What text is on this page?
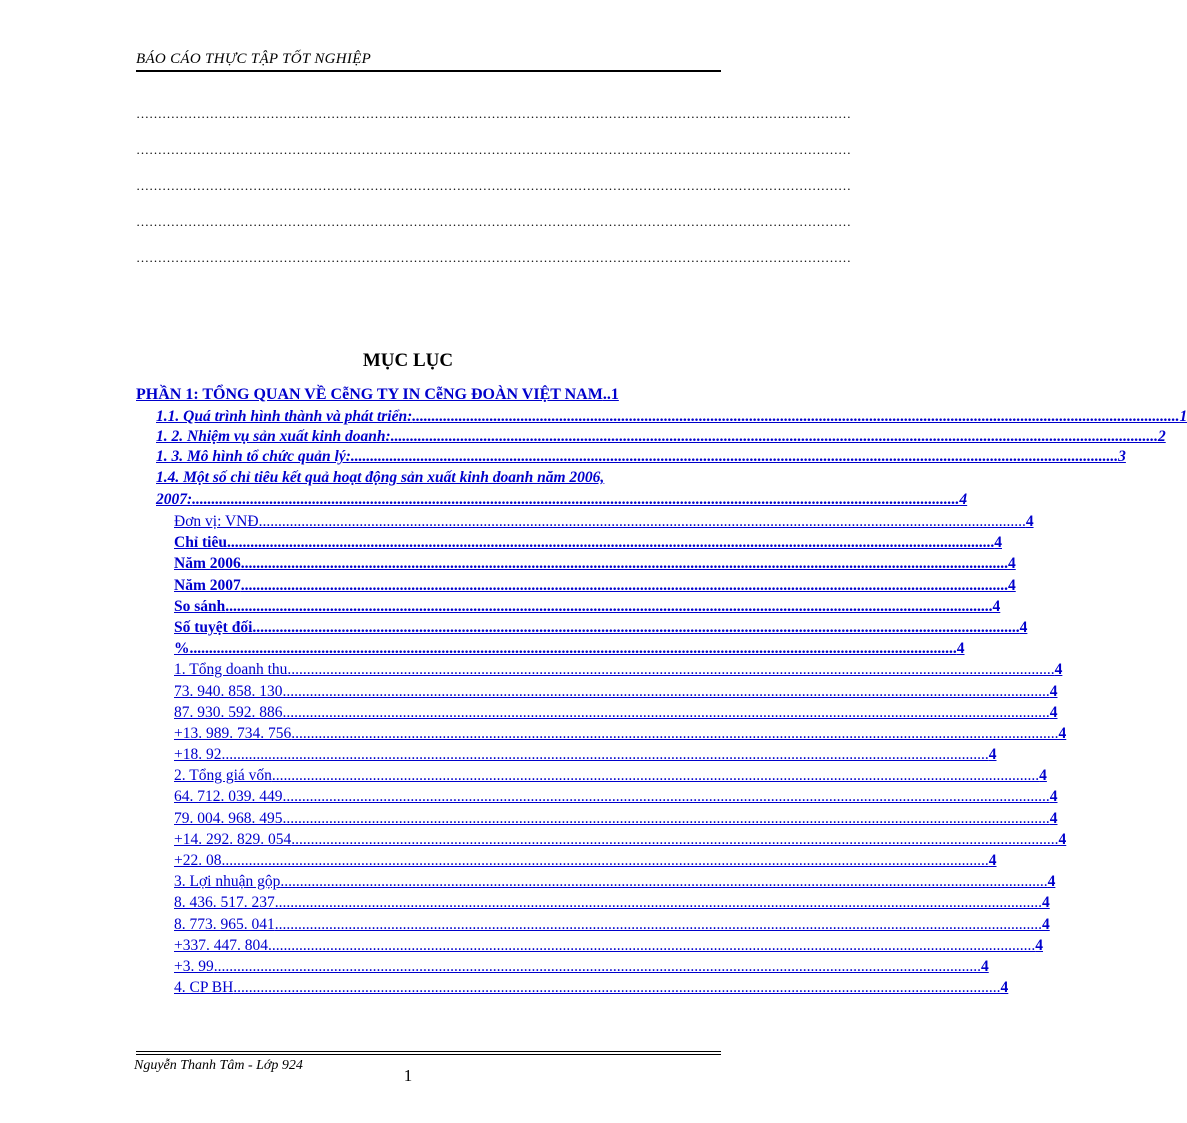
BÁO CÁO THỰC TẬP TỐT NGHIỆP
…………………………………………………………………………………………………………………………………………………
…………………………………………………………………………………………………………………………………………………
…………………………………………………………………………………………………………………………………………………
…………………………………………………………………………………………………………………………………………………
…………………………………………………………………………………………………………………………………………………
MỤC LỤC
PHẦN 1: TỔNG QUAN VỀ CễNG TY IN CễNG ĐOÀN VIỆT NAM ..1
1.1. Quá trình hình thành và phát triển: ...................................................................................................................................................................................................... 1
1. 2. Nhiệm vụ sản xuất kinh doanh: ...................................................................................................................................................................................................... 2
1. 3. Mô hình tổ chức quản lý: ...................................................................................................................................................................................................... 3
1.4. Một số chỉ tiêu kết quả hoạt động sản xuất kinh doanh năm 2006,
2007: ...................................................................................................................................................................................................... 4
Đơn vị: VNĐ ...................................................................................................................................................................................................... 4
Chỉ tiêu ...................................................................................................................................................................................................... 4
Năm 2006 ...................................................................................................................................................................................................... 4
Năm 2007 ...................................................................................................................................................................................................... 4
So sánh ...................................................................................................................................................................................................... 4
Số tuyệt đối ...................................................................................................................................................................................................... 4
% ...................................................................................................................................................................................................... 4
1. Tổng doanh thu ...................................................................................................................................................................................................... 4
73. 940. 858. 130 ...................................................................................................................................................................................................... 4
87. 930. 592. 886 ...................................................................................................................................................................................................... 4
+13. 989. 734. 756 ...................................................................................................................................................................................................... 4
+18. 92 ...................................................................................................................................................................................................... 4
2. Tổng giá vốn ...................................................................................................................................................................................................... 4
64. 712. 039. 449 ...................................................................................................................................................................................................... 4
79. 004. 968. 495 ...................................................................................................................................................................................................... 4
+14. 292. 829. 054 ...................................................................................................................................................................................................... 4
+22. 08 ...................................................................................................................................................................................................... 4
3. Lợi nhuận gộp ...................................................................................................................................................................................................... 4
8. 436. 517. 237 ...................................................................................................................................................................................................... 4
8. 773. 965. 041 ...................................................................................................................................................................................................... 4
+337. 447. 804 ...................................................................................................................................................................................................... 4
+3. 99 ...................................................................................................................................................................................................... 4
4. CP BH ...................................................................................................................................................................................................... 4
Nguyễn Thanh Tâm - Lớp 924
1
